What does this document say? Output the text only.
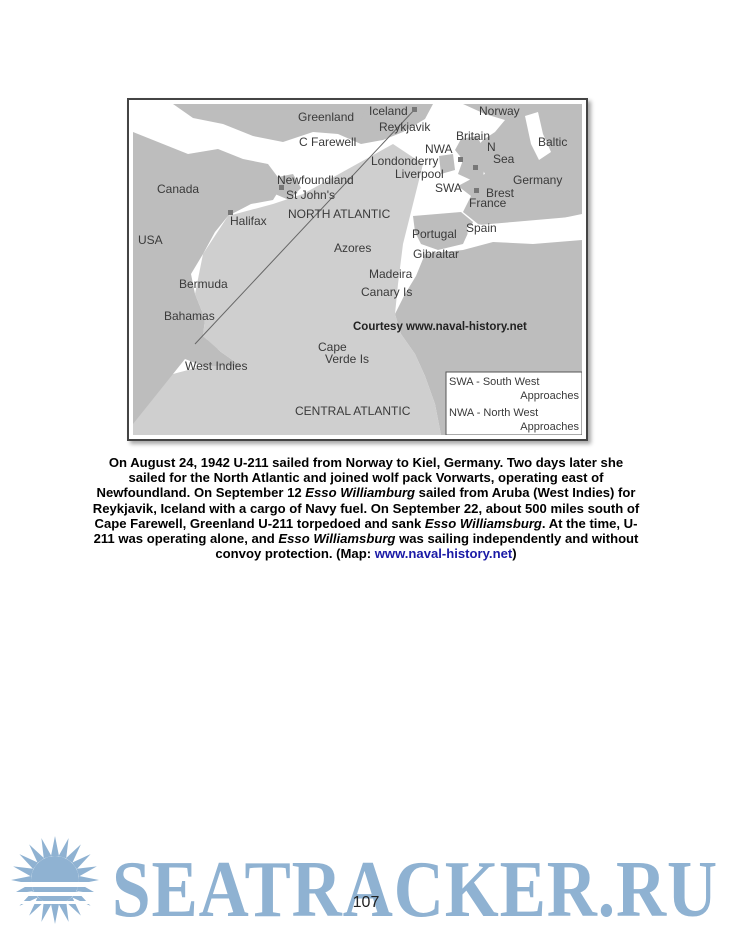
Greenland Iceland
Reykjavik
Norway
Britain
N
Sea
Baltic
C Farewell	NWA
Londonderry
Liverpool
Newfoundland
St John's
Canada
Germany
SWA Brest
France
NORTH ATLANTIC
Halifax
USA
Spain
Portugal
Azores	Gibraltar
Madeira
Bermuda
Canary Is
Bahamas
Courtesy www.naval-history.net
Cape
Verde Is
West Indies
CENTRAL ATLANTIC
SWA - South West
Approaches
NWA - North West
Approaches
On August 24, 1942 U-211 sailed from Norway to Kiel, Germany. Two days later she sailed for the North Atlantic and joined wolf pack Vorwarts, operating east of Newfoundland. On September 12 Esso Williamburg sailed from Aruba (West Indies) for Reykjavik, Iceland with a cargo of Navy fuel. On September 22, about 500 miles south of Cape Farewell, Greenland U-211 torpedoed and sank Esso Williamsburg. At the time, U-211 was operating alone, and Esso Williamsburg was sailing independently and without convoy protection. (Map: www.naval-history.net)
SEATRACKER.RU
107
